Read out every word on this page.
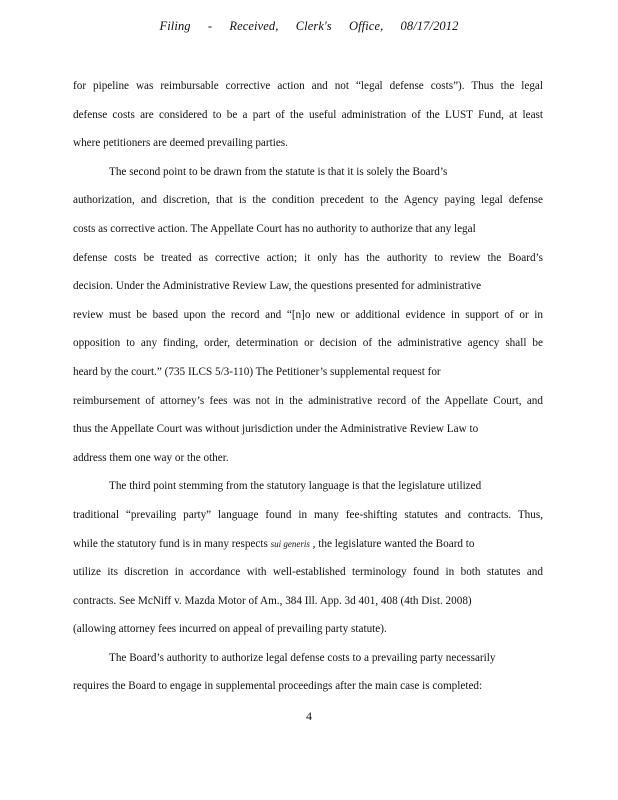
Filing - Received, Clerk's Office, 08/17/2012
for pipeline was reimbursable corrective action and not “legal defense costs”). Thus the legal
defense costs are considered to be a part of the useful administration of the LUST Fund, at least
where petitioners are deemed prevailing parties.
The second point to be drawn from the statute is that it is solely the Board’s
authorization, and discretion, that is the condition precedent to the Agency paying legal defense
costs as corrective action. The Appellate Court has no authority to authorize that any legal
defense costs be treated as corrective action; it only has the authority to review the Board’s
decision. Under the Administrative Review Law, the questions presented for administrative
review must be based upon the record and “[n]o new or additional evidence in support of or in
opposition to any finding, order, determination or decision of the administrative agency shall be
heard by the court.” (735 ILCS 5/3-110) The Petitioner’s supplemental request for
reimbursement of attorney’s fees was not in the administrative record of the Appellate Court, and
thus the Appellate Court was without jurisdiction under the Administrative Review Law to
address them one way or the other.
The third point stemming from the statutory language is that the legislature utilized
traditional “prevailing party” language found in many fee-shifting statutes and contracts. Thus,
while the statutory fund is in many respects sui generis , the legislature wanted the Board to
utilize its discretion in accordance with well-established terminology found in both statutes and
contracts. See McNiff v. Mazda Motor of Am., 384 Ill. App. 3d 401, 408 (4th Dist. 2008)
(allowing attorney fees incurred on appeal of prevailing party statute).
The Board’s authority to authorize legal defense costs to a prevailing party necessarily
requires the Board to engage in supplemental proceedings after the main case is completed:
4
